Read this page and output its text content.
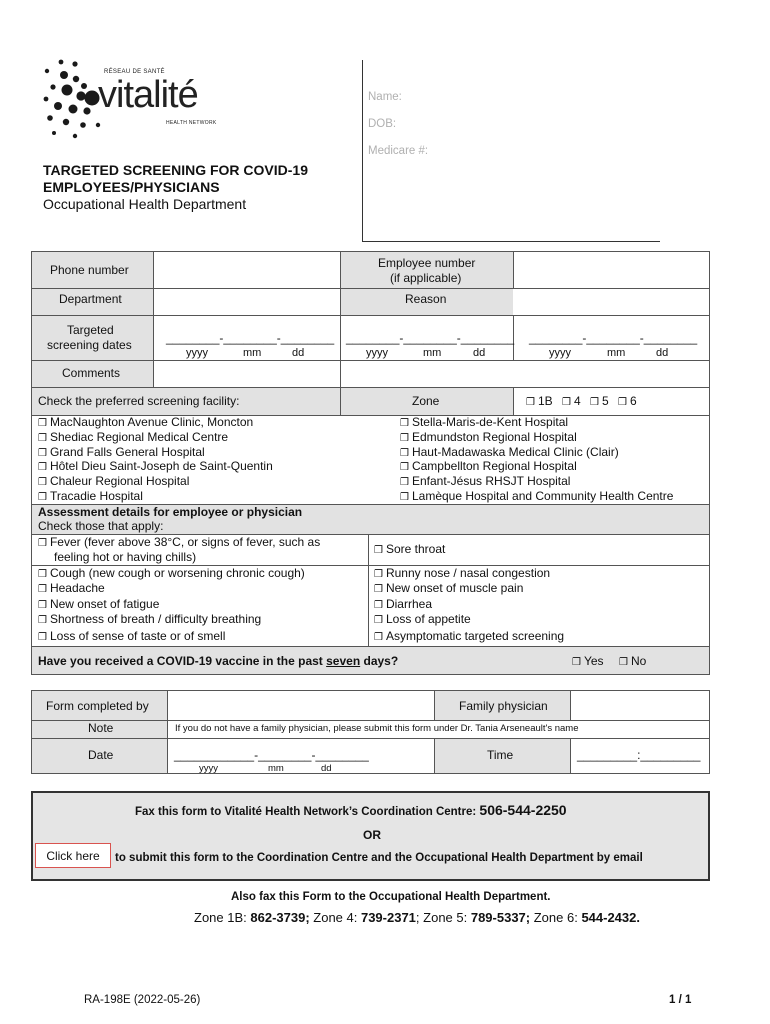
RÉSEAU DE SANTÉ
vitalité
HEALTH NETWORK
TARGETED SCREENING FOR COVID-19
EMPLOYEES/PHYSICIANS
Occupational Health Department
Name:
DOB:
Medicare #:
Phone number	Employee number
(if applicable)
Department	Reason
Targeted
screening dates	________-________-________
yyyy	mm	dd
________-________-________
yyyy	mm	dd
________-________-________
yyyy	mm	dd
Comments
Check the preferred screening facility:	Zone	❒ 1B ❒ 4 ❒ 5 ❒ 6
❒ MacNaughton Avenue Clinic, Moncton
❒ Shediac Regional Medical Centre
❒ Grand Falls General Hospital
❒ Hôtel Dieu Saint-Joseph de Saint-Quentin
❒ Chaleur Regional Hospital
❒ Tracadie Hospital
❒ Stella-Maris-de-Kent Hospital
❒ Edmundston Regional Hospital
❒ Haut-Madawaska Medical Clinic (Clair)
❒ Campbellton Regional Hospital
❒ Enfant-Jésus RHSJT Hospital
❒ Lamèque Hospital and Community Health Centre
Assessment details for employee or physician
Check those that apply:
❒ Fever (fever above 38°C, or signs of fever, such as
feeling hot or having chills)
❒ Cough (new cough or worsening chronic cough)
❒ Headache
❒ New onset of fatigue
❒ Shortness of breath / difficulty breathing
❒ Loss of sense of taste or of smell
❒ Sore throat
❒ Runny nose / nasal congestion
❒ New onset of muscle pain
❒ Diarrhea
❒ Loss of appetite
❒ Asymptomatic targeted screening
Have you received a COVID-19 vaccine in the past seven days?	❒ Yes ❒ No
Form completed by	Family physician
Note	If you do not have a family physician, please submit this form under Dr. Tania Arseneault's name
Date	____________-________-________
yyyy	mm	dd
Time	_________:_________
Fax this form to Vitalité Health Network’s Coordination Centre: 506-544-2250
OR
to submit this form to the Coordination Centre and the Occupational Health Department by email
Click here
Also fax this Form to the Occupational Health Department.
Zone 1B: 862-3739; Zone 4: 739-2371; Zone 5: 789-5337; Zone 6: 544-2432.
RA-198E (2022-05-26)	1 / 1
